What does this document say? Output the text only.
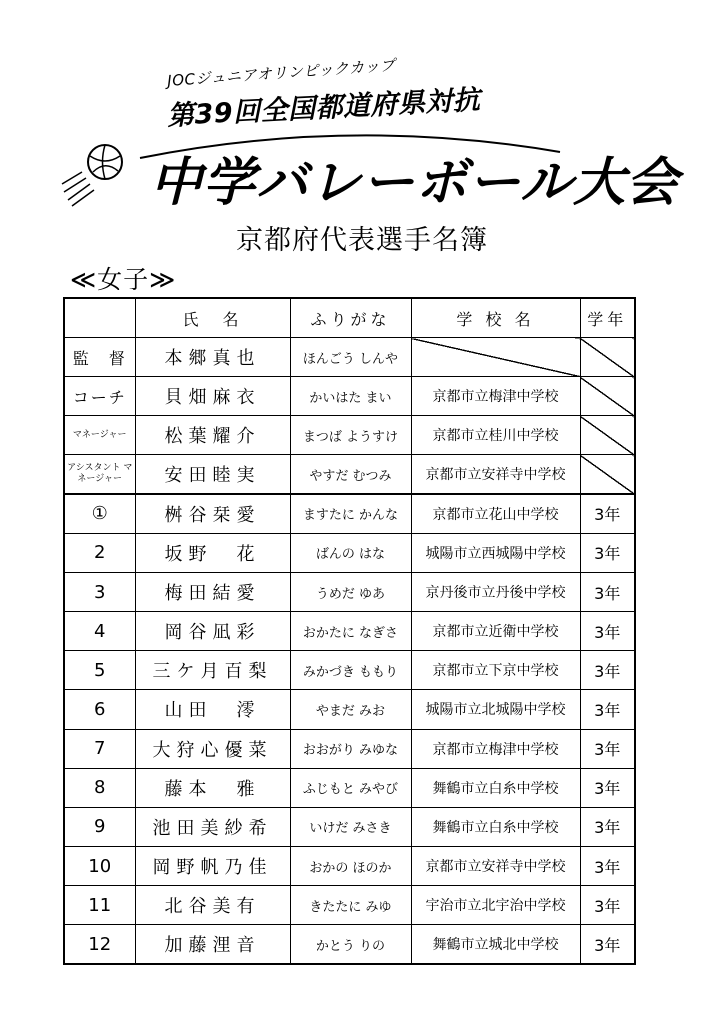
JOCジュニアオリンピックカップ
第39回全国都道府県対抗
中学バレーボール大会
京都府代表選手名簿
≪女子≫
	氏　名	ふりがな	学 校 名	学年
監　督	本郷真也	ほんごう しんや		
コーチ	貝畑麻衣	かいはた まい	京都市立梅津中学校	
マネージャー	松葉耀介	まつば ようすけ	京都市立桂川中学校	
アシスタント マネージャー	安田睦実	やすだ むつみ	京都市立安祥寺中学校	
①	桝谷栞愛	ますたに かんな	京都市立花山中学校	3年
2	坂野　花	ばんの はな	城陽市立西城陽中学校	3年
3	梅田結愛	うめだ ゆあ	京丹後市立丹後中学校	3年
4	岡谷凪彩	おかたに なぎさ	京都市立近衛中学校	3年
5	三ケ月百梨	みかづき ももり	京都市立下京中学校	3年
6	山田　澪	やまだ みお	城陽市立北城陽中学校	3年
7	大狩心優菜	おおがり みゆな	京都市立梅津中学校	3年
8	藤本　雅	ふじもと みやび	舞鶴市立白糸中学校	3年
9	池田美紗希	いけだ みさき	舞鶴市立白糸中学校	3年
10	岡野帆乃佳	おかの ほのか	京都市立安祥寺中学校	3年
11	北谷美有	きたたに みゆ	宇治市立北宇治中学校	3年
12	加藤浬音	かとう りの	舞鶴市立城北中学校	3年
